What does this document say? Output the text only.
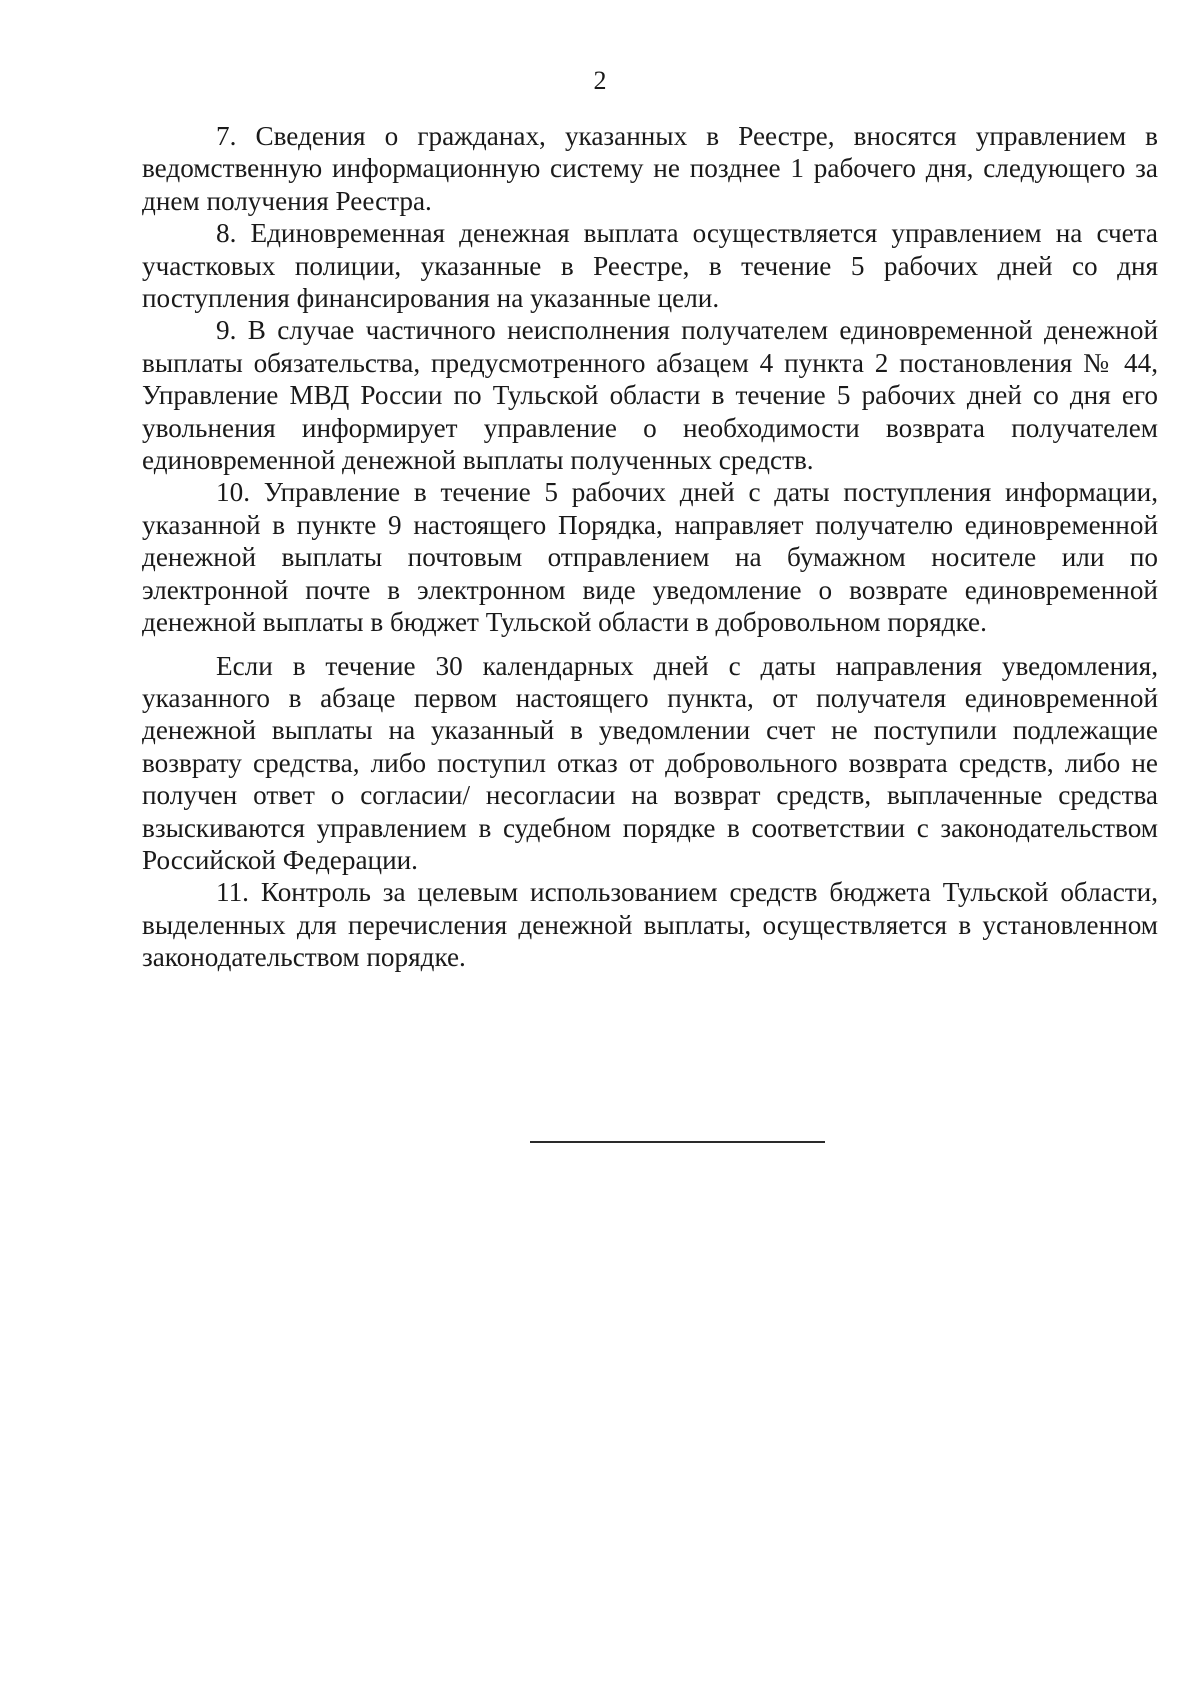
2

7. Сведения о гражданах, указанных в Реестре, вносятся управлением в ведомственную информационную систему не позднее 1 рабочего дня, следующего за днем получения Реестра.

8. Единовременная денежная выплата осуществляется управлением на счета участковых полиции, указанные в Реестре, в течение 5 рабочих дней со дня поступления финансирования на указанные цели.

9. В случае частичного неисполнения получателем единовременной денежной выплаты обязательства, предусмотренного абзацем 4 пункта 2 постановления № 44, Управление МВД России по Тульской области в течение 5 рабочих дней со дня его увольнения информирует управление о необходимости возврата получателем единовременной денежной выплаты полученных средств.

10. Управление в течение 5 рабочих дней с даты поступления информации, указанной в пункте 9 настоящего Порядка, направляет получателю единовременной денежной выплаты почтовым отправлением на бумажном носителе или по электронной почте в электронном виде уведомление о возврате единовременной денежной выплаты в бюджет Тульской области в добровольном порядке.

Если в течение 30 календарных дней с даты направления уведомления, указанного в абзаце первом настоящего пункта, от получателя единовременной денежной выплаты на указанный в уведомлении счет не поступили подлежащие возврату средства, либо поступил отказ от добровольного возврата средств, либо не получен ответ о согласии/ несогласии на возврат средств, выплаченные средства взыскиваются управлением в судебном порядке в соответствии с законодательством Российской Федерации.

11. Контроль за целевым использованием средств бюджета Тульской области, выделенных для перечисления денежной выплаты, осуществляется в установленном законодательством порядке.
